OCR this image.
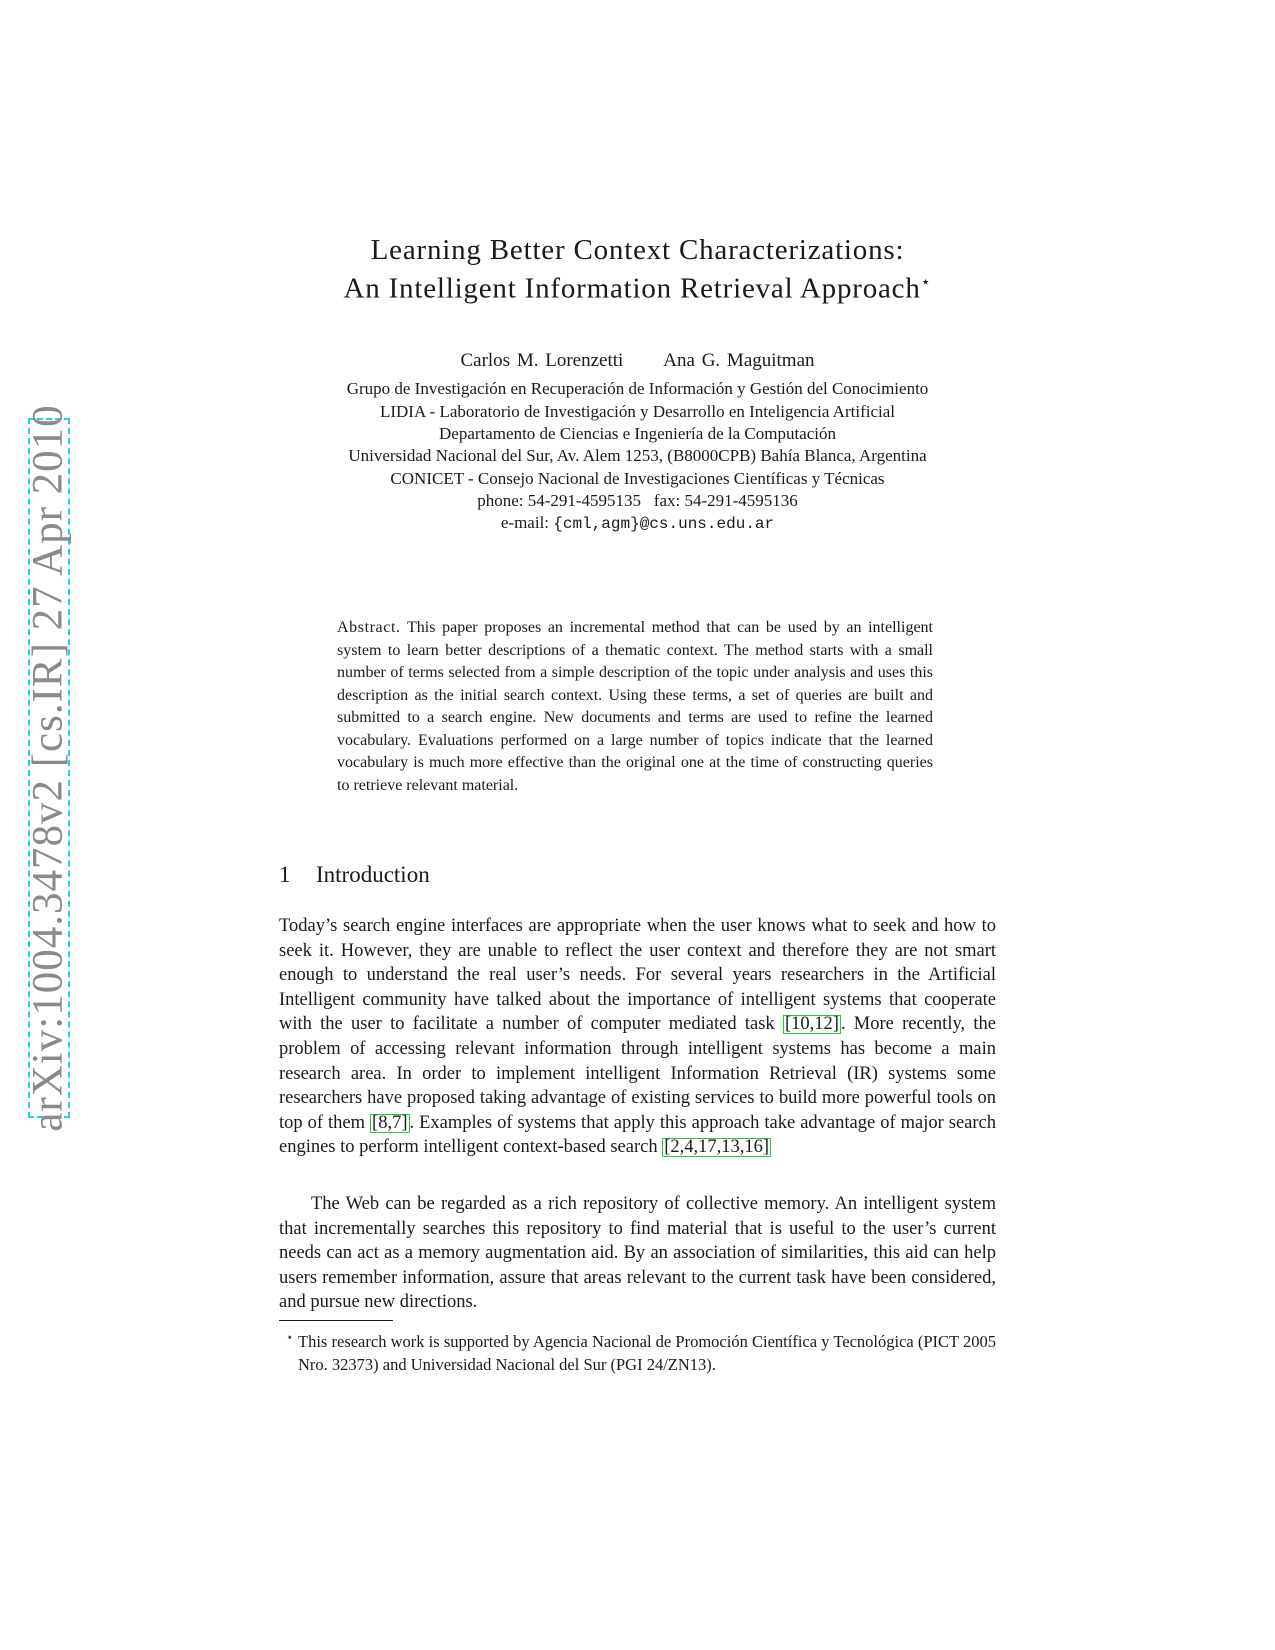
arXiv:1004.3478v2 [cs.IR] 27 Apr 2010
Learning Better Context Characterizations:
An Intelligent Information Retrieval Approach⋆
Carlos M. Lorenzetti Ana G. Maguitman
Grupo de Investigación en Recuperación de Información y Gestión del Conocimiento
LIDIA - Laboratorio de Investigación y Desarrollo en Inteligencia Artificial
Departamento de Ciencias e Ingeniería de la Computación
Universidad Nacional del Sur, Av. Alem 1253, (B8000CPB) Bahía Blanca, Argentina
CONICET - Consejo Nacional de Investigaciones Científicas y Técnicas
phone: 54-291-4595135   fax: 54-291-4595136
e-mail: {cml,agm}@cs.uns.edu.ar
Abstract. This paper proposes an incremental method that can be used by an intelligent system to learn better descriptions of a thematic context. The method starts with a small number of terms selected from a simple description of the topic under analysis and uses this description as the initial search context. Using these terms, a set of queries are built and submitted to a search engine. New documents and terms are used to refine the learned vocabulary. Evaluations performed on a large number of topics indicate that the learned vocabulary is much more effective than the original one at the time of constructing queries to retrieve relevant material.
1 Introduction
Today’s search engine interfaces are appropriate when the user knows what to seek and how to seek it. However, they are unable to reflect the user context and therefore they are not smart enough to understand the real user’s needs. For several years researchers in the Artificial Intelligent community have talked about the importance of intelligent systems that cooperate with the user to facilitate a number of computer mediated task [10,12] . More recently, the problem of accessing relevant information through intelligent systems has become a main research area. In order to implement intelligent Information Retrieval (IR) systems some researchers have proposed taking advantage of existing services to build more powerful tools on top of them [8,7] . Examples of systems that apply this approach take advantage of major search engines to perform intelligent context-based search [2,4,17,13,16]
The Web can be regarded as a rich repository of collective memory. An intelligent system that incrementally searches this repository to find material that is useful to the user’s current needs can act as a memory augmentation aid. By an association of similarities, this aid can help users remember information, assure that areas relevant to the current task have been considered, and pursue new directions.
⋆ This research work is supported by Agencia Nacional de Promoción Científica y Tecnológica (PICT 2005 Nro. 32373) and Universidad Nacional del Sur (PGI 24/ZN13).
